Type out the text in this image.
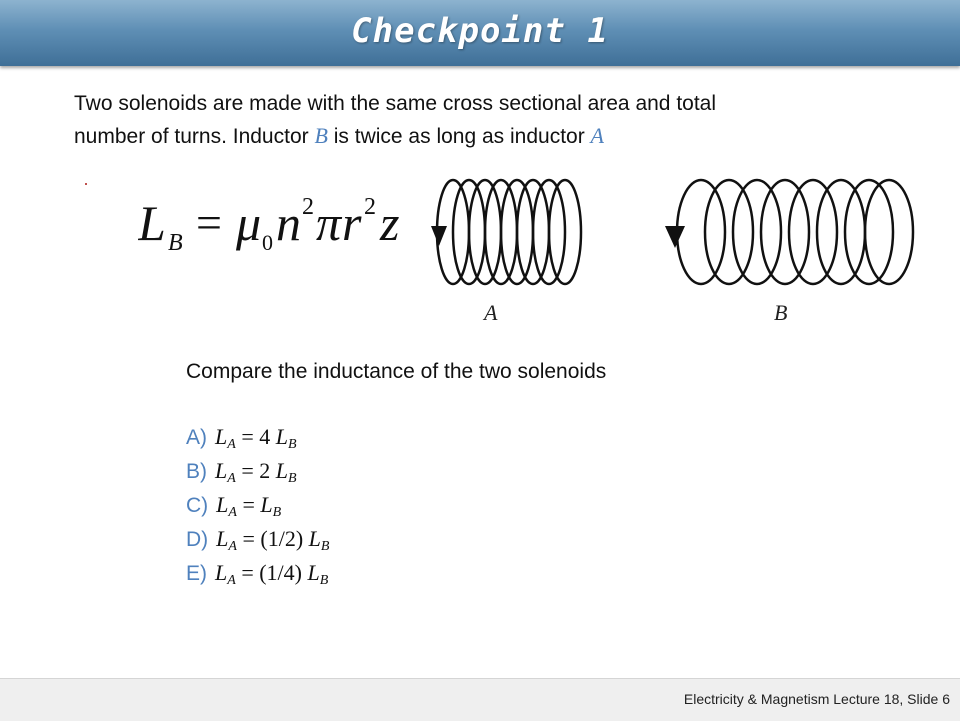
Checkpoint 1
Two solenoids are made with the same cross sectional area and total
number of turns. Inductor B is twice as long as inductor A
L B = μ 0 n 2 π r 2 z
A	B
Compare the inductance of the two solenoids
A) $L_A = 4$ $L_B$
B) $L_A = 2$ $L_B$
C) $L_A = L_B$
D) $L_A = (1/2)$ $L_B$
E) $L_A = (1/4)$ $L_B$
Electricity & Magnetism Lecture 18, Slide 6
